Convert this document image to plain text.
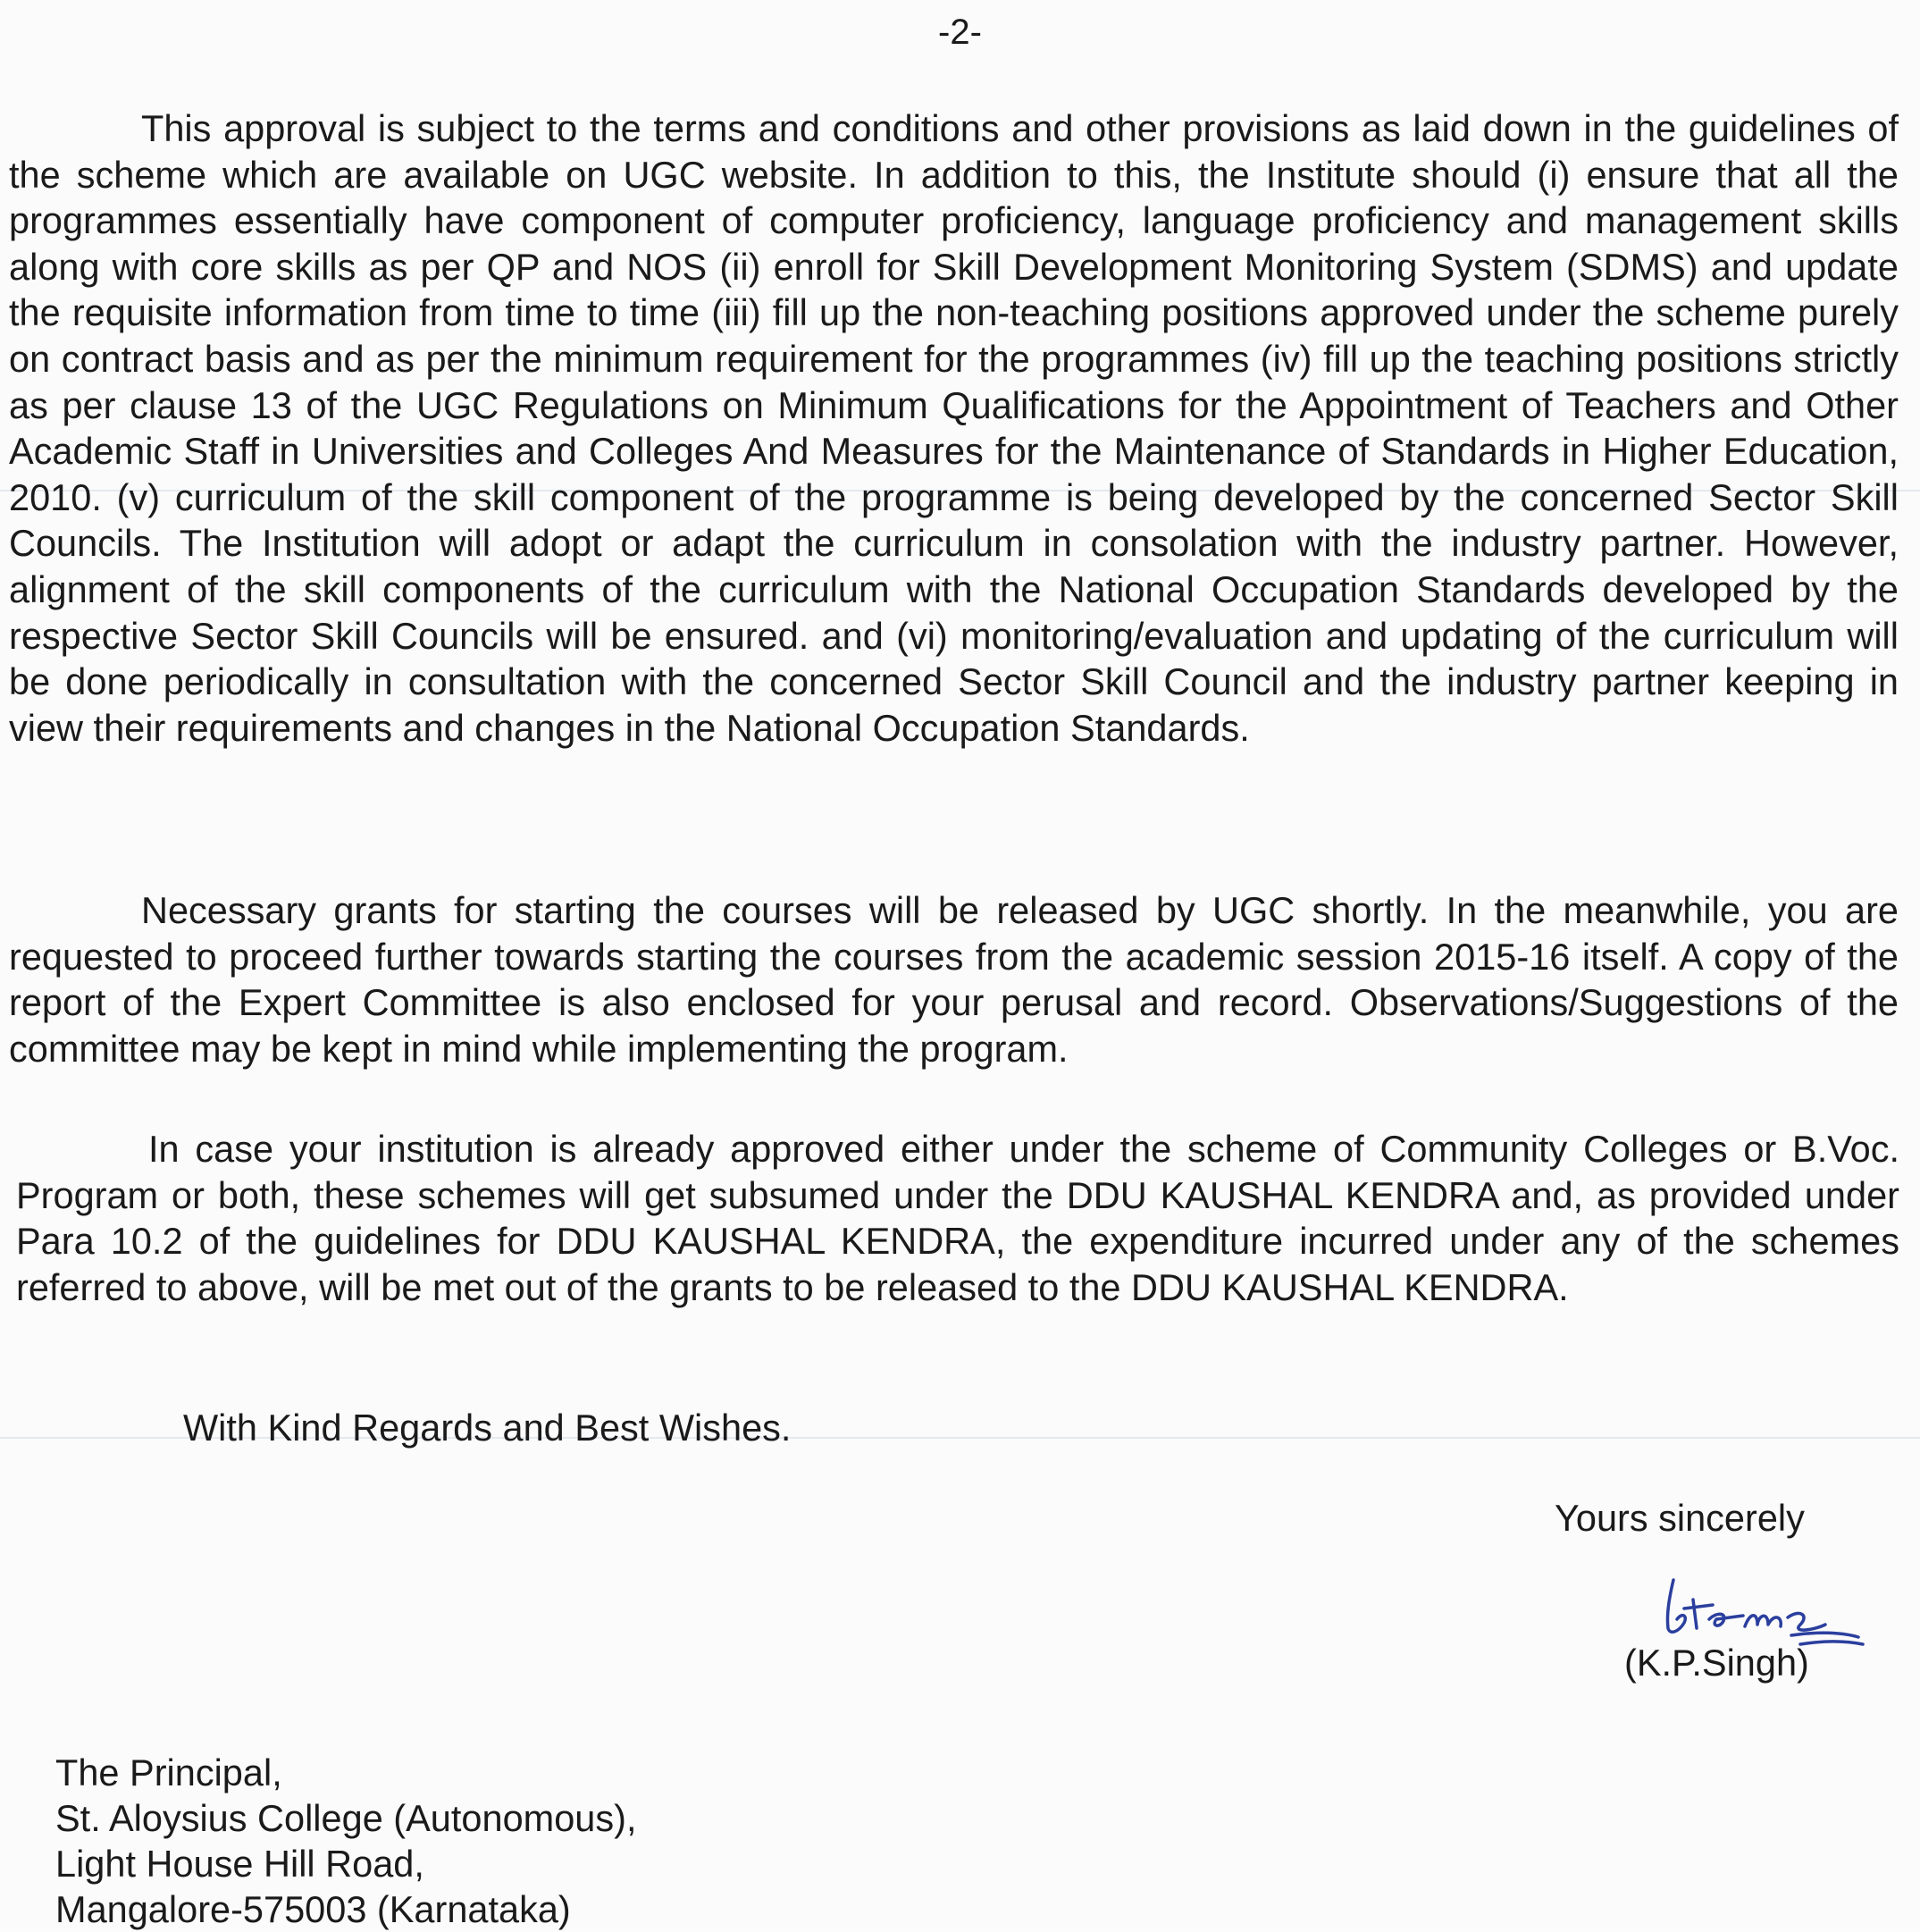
-2-

This approval is subject to the terms and conditions and other provisions as laid down in the guidelines of the scheme which are available on UGC website. In addition to this, the Institute should (i) ensure that all the programmes essentially have component of computer proficiency, language proficiency and management skills along with core skills as per QP and NOS (ii) enroll for Skill Development Monitoring System (SDMS) and update the requisite information from time to time (iii) fill up the non-teaching positions approved under the scheme purely on contract basis and as per the minimum requirement for the programmes (iv) fill up the teaching positions strictly as per clause 13 of the UGC Regulations on Minimum Qualifications for the Appointment of Teachers and Other Academic Staff in Universities and Colleges And Measures for the Maintenance of Standards in Higher Education, 2010. (v) curriculum of the skill component of the programme is being developed by the concerned Sector Skill Councils. The Institution will adopt or adapt the curriculum in consolation with the industry partner. However, alignment of the skill components of the curriculum with the National Occupation Standards developed by the respective Sector Skill Councils will be ensured. and (vi) monitoring/evaluation and updating of the curriculum will be done periodically in consultation with the concerned Sector Skill Council and the industry partner keeping in view their requirements and changes in the National Occupation Standards.

Necessary grants for starting the courses will be released by UGC shortly. In the meanwhile, you are requested to proceed further towards starting the courses from the academic session 2015-16 itself. A copy of the report of the Expert Committee is also enclosed for your perusal and record. Observations/Suggestions of the committee may be kept in mind while implementing the program.

In case your institution is already approved either under the scheme of Community Colleges or B.Voc. Program or both, these schemes will get subsumed under the DDU KAUSHAL KENDRA and, as provided under Para 10.2 of the guidelines for DDU KAUSHAL KENDRA, the expenditure incurred under any of the schemes referred to above, will be met out of the grants to be released to the DDU KAUSHAL KENDRA.

With Kind Regards and Best Wishes.
Yours sincerely
(K.P.Singh)
The Principal,
St. Aloysius College (Autonomous),
Light House Hill Road,
Mangalore-575003 (Karnataka)
